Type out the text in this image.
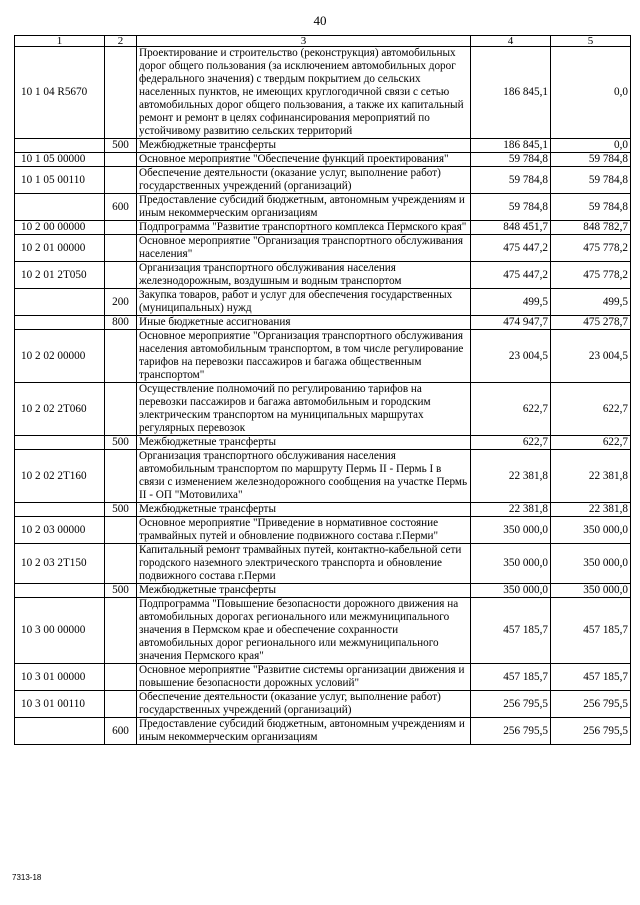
40
1	2	3	4	5
10 1 04 R5670		Проектирование и строительство (реконструкция) автомобильных дорог общего пользования (за исключением автомобильных дорог федерального значения) с твердым покрытием до сельских населенных пунктов, не имеющих круглогодичной связи с сетью автомобильных дорог общего пользования, а также их капитальный ремонт и ремонт в целях софинансирования мероприятий по устойчивому развитию сельских территорий	186 845,1	0,0
	500	Межбюджетные трансферты	186 845,1	0,0
10 1 05 00000		Основное мероприятие "Обеспечение функций проектирования"	59 784,8	59 784,8
10 1 05 00110		Обеспечение деятельности (оказание услуг, выполнение работ) государственных учреждений (организаций)	59 784,8	59 784,8
	600	Предоставление субсидий бюджетным, автономным учреждениям и иным некоммерческим организациям	59 784,8	59 784,8
10 2 00 00000		Подпрограмма "Развитие транспортного комплекса Пермского края"	848 451,7	848 782,7
10 2 01 00000		Основное мероприятие "Организация транспортного обслуживания населения"	475 447,2	475 778,2
10 2 01 2Т050		Организация транспортного обслуживания населения железнодорожным, воздушным и водным транспортом	475 447,2	475 778,2
	200	Закупка товаров, работ и услуг для обеспечения государственных (муниципальных) нужд	499,5	499,5
	800	Иные бюджетные ассигнования	474 947,7	475 278,7
10 2 02 00000		Основное мероприятие "Организация транспортного обслуживания населения автомобильным транспортом, в том числе регулирование тарифов на перевозки пассажиров и багажа общественным транспортом"	23 004,5	23 004,5
10 2 02 2Т060		Осуществление полномочий по регулированию тарифов на перевозки пассажиров и багажа автомобильным и городским электрическим транспортом на муниципальных маршрутах регулярных перевозок	622,7	622,7
	500	Межбюджетные трансферты	622,7	622,7
10 2 02 2Т160		Организация транспортного обслуживания населения автомобильным транспортом по маршруту Пермь II - Пермь I в связи с изменением железнодорожного сообщения на участке Пермь II - ОП "Мотовилиха"	22 381,8	22 381,8
	500	Межбюджетные трансферты	22 381,8	22 381,8
10 2 03 00000		Основное мероприятие "Приведение в нормативное состояние трамвайных путей и обновление подвижного состава г.Перми"	350 000,0	350 000,0
10 2 03 2Т150		Капитальный ремонт трамвайных путей, контактно-кабельной сети городского наземного электрического транспорта и обновление подвижного состава г.Перми	350 000,0	350 000,0
	500	Межбюджетные трансферты	350 000,0	350 000,0
10 3 00 00000		Подпрограмма "Повышение безопасности дорожного движения на автомобильных дорогах регионального или межмуниципального значения в Пермском крае и обеспечение сохранности автомобильных дорог регионального или межмуниципального значения Пермского края"	457 185,7	457 185,7
10 3 01 00000		Основное мероприятие "Развитие системы организации движения и повышение безопасности дорожных условий"	457 185,7	457 185,7
10 3 01 00110		Обеспечение деятельности (оказание услуг, выполнение работ) государственных учреждений (организаций)	256 795,5	256 795,5
	600	Предоставление субсидий бюджетным, автономным учреждениям и иным некоммерческим организациям	256 795,5	256 795,5
7313-18
